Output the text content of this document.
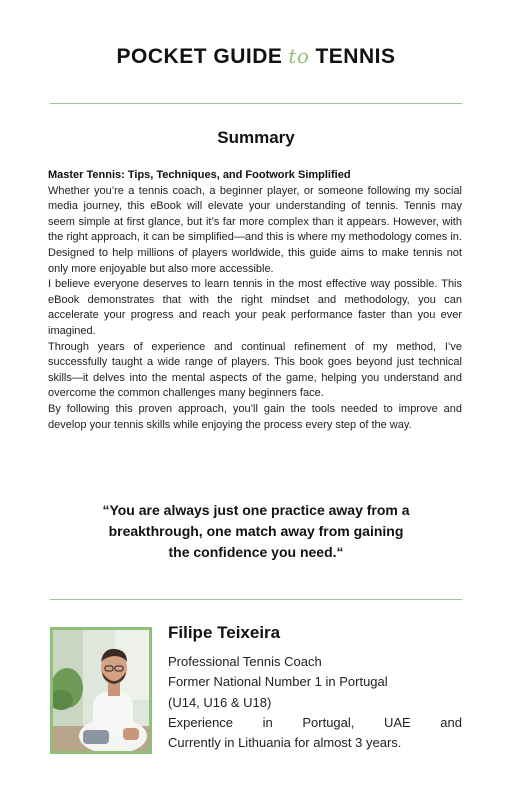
POCKET GUIDE to TENNIS
Summary

Master Tennis: Tips, Techniques, and Footwork Simplified

Whether you’re a tennis coach, a beginner player, or someone following my social media journey, this eBook will elevate your understanding of tennis. Tennis may seem simple at first glance, but it’s far more complex than it appears. However, with the right approach, it can be simplified—and this is where my methodology comes in. Designed to help millions of players worldwide, this guide aims to make tennis not only more enjoyable but also more accessible.

I believe everyone deserves to learn tennis in the most effective way possible. This eBook demonstrates that with the right mindset and methodology, you can accelerate your progress and reach your peak performance faster than you ever imagined.

Through years of experience and continual refinement of my method, I’ve successfully taught a wide range of players. This book goes beyond just technical skills—it delves into the mental aspects of the game, helping you understand and overcome the common challenges many beginners face.

By following this proven approach, you’ll gain the tools needed to improve and develop your tennis skills while enjoying the process every step of the way.

“You are always just one practice away from a
breakthrough, one match away from gaining
the confidence you need.“
Filipe Teixeira

Professional Tennis Coach

Former National Number 1 in Portugal

(U14, U16 & U18)

Experience in Portugal, UAE and

Currently in Lithuania for almost 3 years.
